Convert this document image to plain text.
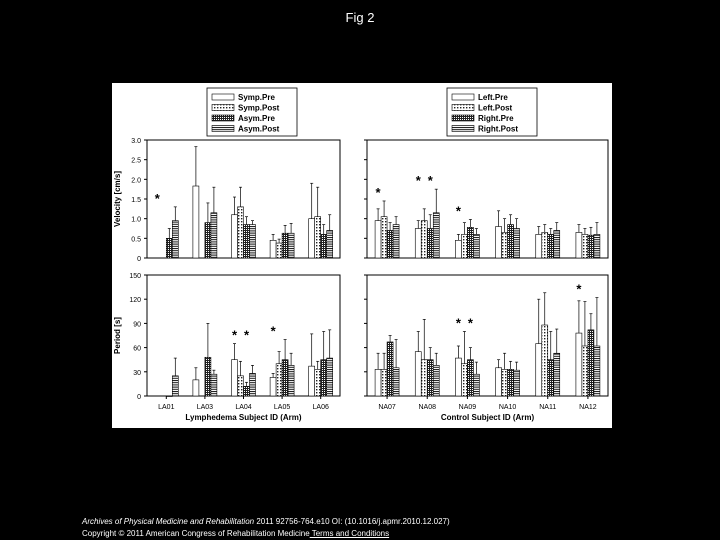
Fig 2
0
0.5
1.0
1.5
2.0
2.5
3.0
Velocity [cm/s]	*	*
* *
*
0
30
60
90
120
150
Period [s]
LA01	LA03	LA04	LA05	LA06
Lymphedema Subject ID (Arm)
* * *
NA07	NA08	NA09	NA10	NA11	NA12
Control Subject ID (Arm)
* *
*
Symp.Pre
Symp.Post
Asym.Pre
Asym.Post
Left.Pre
Left.Post
Right.Pre
Right.Post
Archives of Physical Medicine and Rehabilitation 2011 92756-764.e10 OI: (10.1016/j.apmr.2010.12.027)
Copyright © 2011 American Congress of Rehabilitation Medicine Terms and Conditions
